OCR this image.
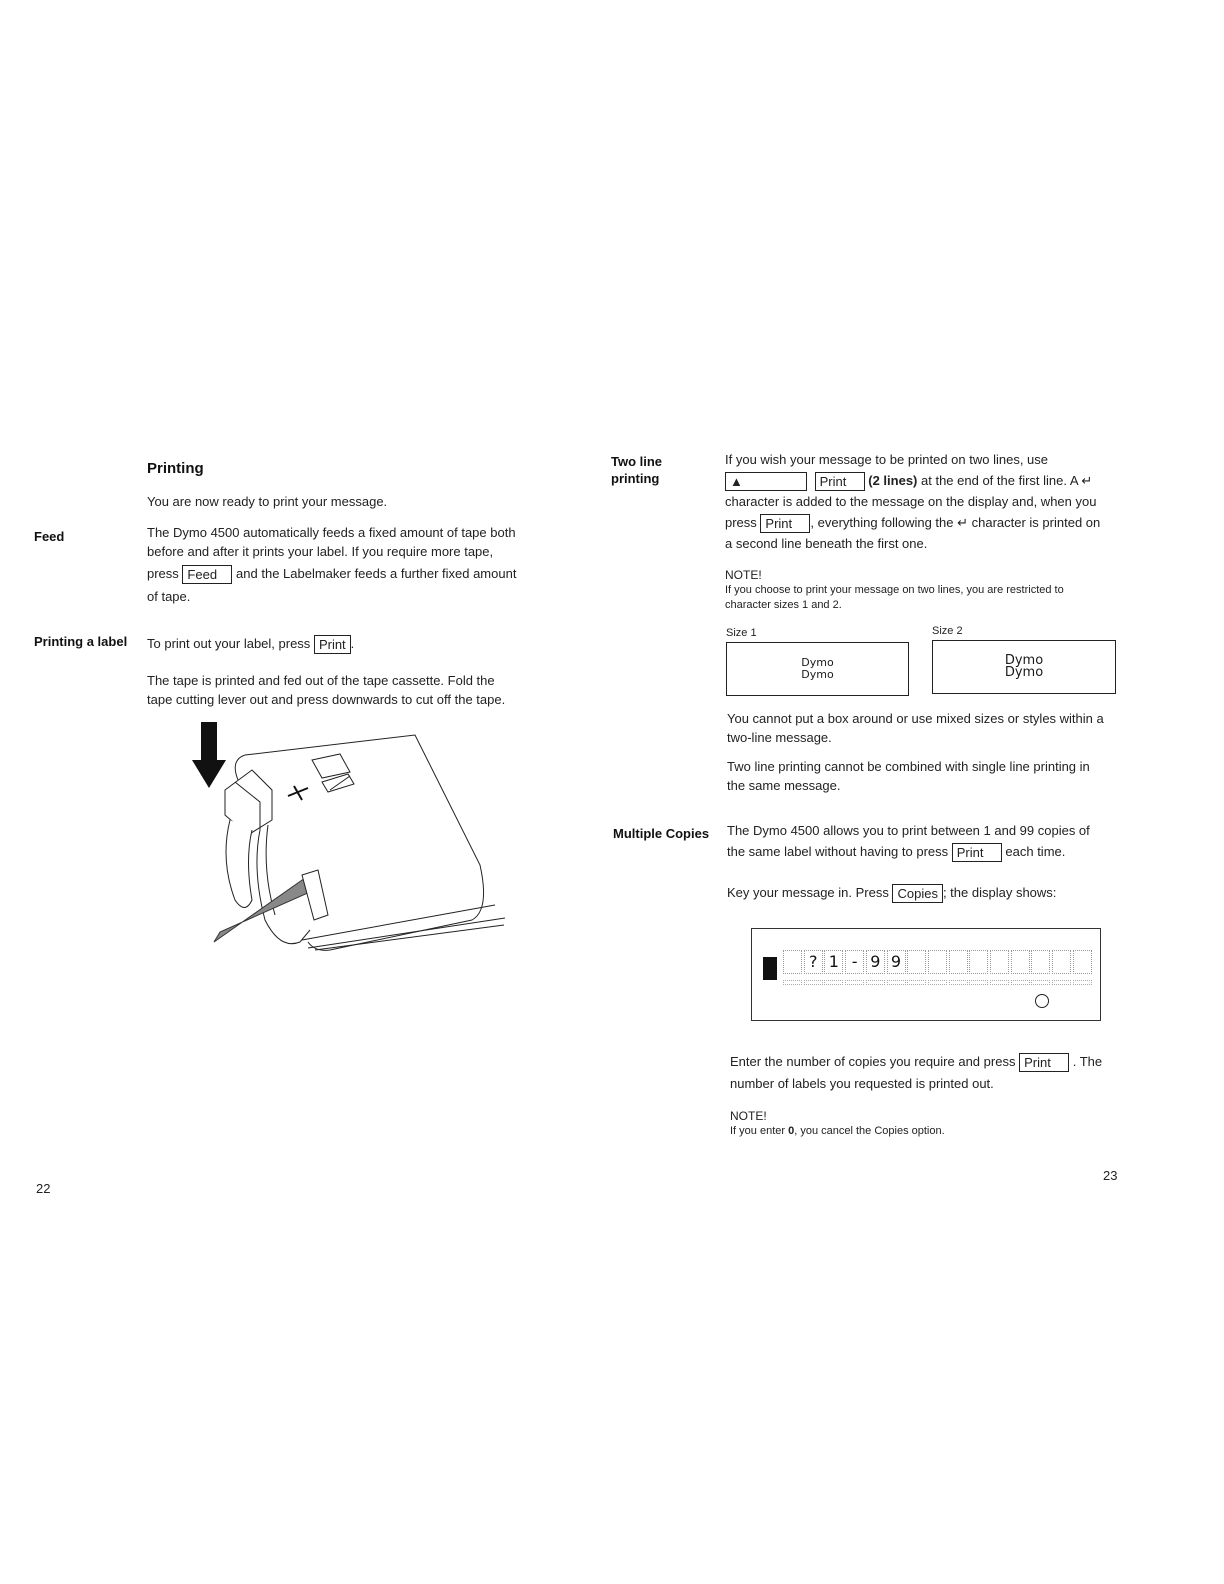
Printing
You are now ready to print your message.
Feed	The Dymo 4500 automatically feeds a fixed amount of tape both
before and after it prints your label. If you require more tape,
press Feed and the Labelmaker feeds a further fixed amount
of tape.
Printing a label To print out your label, press Print .
The tape is printed and fed out of the tape cassette. Fold the
tape cutting lever out and press downwards to cut off the tape.
22
Two line
printing
If you wish your message to be printed on two lines, use
▲	Print (2 lines) at the end of the first line. A ↵
character is added to the message on the display and, when you
press Print , everything following the ↵ character is printed on
a second line beneath the first one.
NOTE!
If you choose to print your message on two lines, you are restricted to
character sizes 1 and 2.
Size 1	Size 2
Dymo
Dymo
Dymo
Dymo
You cannot put a box around or use mixed sizes or styles within a
two-line message.
Two line printing cannot be combined with single line printing in
the same message.
Multiple Copies The Dymo 4500 allows you to print between 1 and 99 copies of
the same label without having to press Print each time.
Key your message in. Press Copies ; the display shows:
? 1 - 9 9
Enter the number of copies you require and press Print . The
number of labels you requested is printed out.
NOTE!
If you enter 0, you cancel the Copies option.
23
